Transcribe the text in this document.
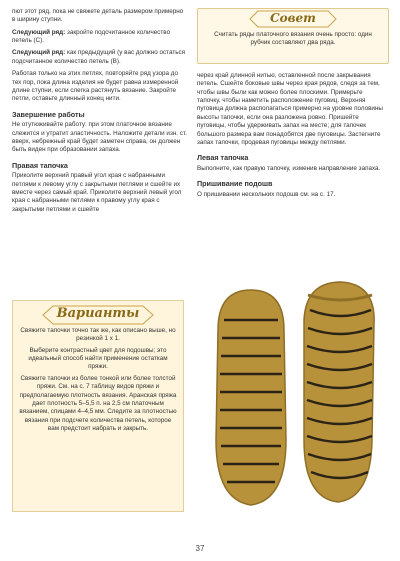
пют этот ряд, пока не свяжете деталь размером примерно в ширину ступни.

Следующий ряд: закройте подсчитанное количество петель (С).

Следующий ряд: как предыдущий (у вас должно остаться подсчитанное количество петель (В).

Работая только на этих петлях, повторяйте ряд узора до тех пор, пока длина изделия не будет равна измеренной длине ступни, если слегка растянуть вязание. Закройте петли, оставьте длинный конец нити.

Завершение работы

Не отутюживайте работу: при этом платочное вязание слежится и утратит эластичность. Наложите детали изн. ст. вверх, небрежный край будет заметен справа, он должен быть виден при образовании запаха.

Правая тапочка

Приколите верхний правый угол края с набранными петлями к левому углу с закрытыми петлями и сшейте их вместе через самый край. Приколите верхний левый угол края с набранными петлями к правому углу края с закрытыми петлями и сшейте

Совет
Считать ряды платочного вязания очень просто: один рубчик составляют два ряда.

через край длинной нитью, оставленной после закрывания петель. Сшейте боковые швы через края рядов, следя за тем, чтобы швы были как можно более плоскими. Примерьте тапочку, чтобы наметить расположение пуговиц. Верхняя пуговица должна располагаться примерно на уровне половины высоты тапочки, если она разложена ровно. Пришейте пуговицы, чтобы удерживать запах на месте; для тапочек большого размера вам понадобятся две пуговицы. Застегните запах тапочки, продевая пуговицы между петлями.

Левая тапочка

Выполните, как правую тапочку, изменив направление запаха.

Пришивание подошв

О пришивании нескольких подошв см. на с. 17.

Варианты

Свяжите тапочки точно так же, как описано выше, но резинкой 1 х 1.

Выберите контрастный цвет для подошвы; это идеальный способ найти применение остаткам пряжи.

Свяжите тапочки из более тонкой или более толстой пряжи. См. на с. 7 таблицу видов пряжи и предполагаемую плотность вязания. Аранская пряжа дает плотность 5–5,5 п. на 2,5 см платочным вязанием, спицами 4–4,5 мм. Следите за плотностью вязания при подсчете количества петель, которое вам предстоит набрать и закрыть.

37
